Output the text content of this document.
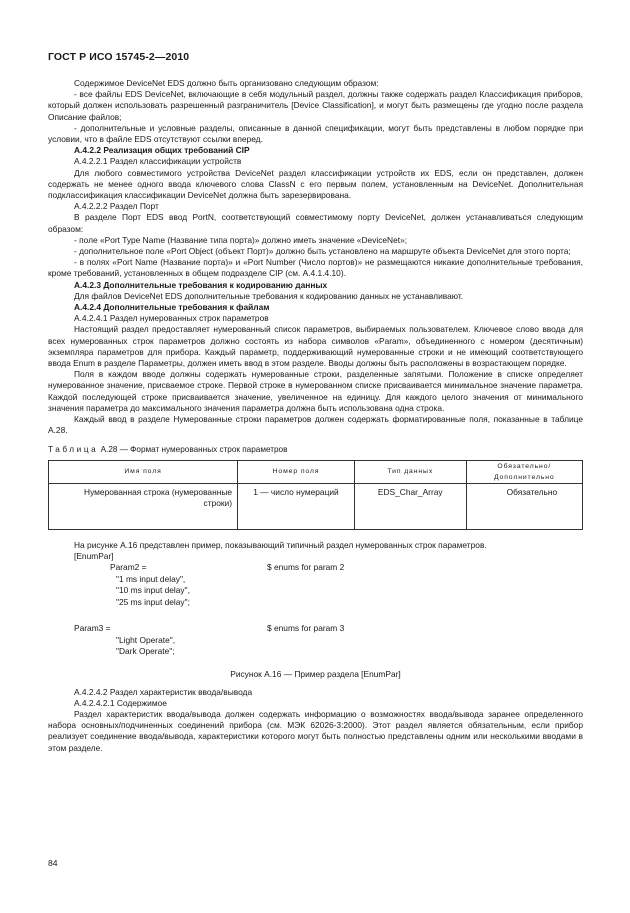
ГОСТ Р ИСО 15745-2—2010

Содержимое DeviceNet EDS должно быть организовано следующим образом:

- все файлы EDS DeviceNet, включающие в себя модульный раздел, должны также содержать раздел Классификация приборов, который должен использовать разрешенный разграничитель [Device Classification], и могут быть размещены где угодно после раздела Описание файлов;

- дополнительные и условные разделы, описанные в данной спецификации, могут быть представлены в любом порядке при условии, что в файле EDS отсутствуют ссылки вперед.

А.4.2.2 Реализация общих требований CIP

А.4.2.2.1 Раздел классификации устройств

Для любого совместимого устройства DeviceNet раздел классификации устройств их EDS, если он представлен, должен содержать не менее одного ввода ключевого слова ClassN с его первым полем, установленным на DeviceNet. Дополнительная подклассификация классификации DeviceNet должна быть зарезервирована.

А.4.2.2.2 Раздел Порт

В разделе Порт EDS ввод PortN, соответствующий совместимому порту DeviceNet, должен устанавливаться следующим образом:

- поле «Port Type Name (Название типа порта)» должно иметь значение «DeviceNet»;

- дополнительное поле «Port Object (объект Порт)» должно быть установлено на маршруте объекта DeviceNet для этого порта;

- в полях «Port Name (Название порта)» и «Port Number (Число портов)» не размещаются никакие дополнительные требования, кроме требований, установленных в общем подразделе CIP (см. А.4.1.4.10).

А.4.2.3 Дополнительные требования к кодированию данных

Для файлов DeviceNet EDS дополнительные требования к кодированию данных не устанавливают.

А.4.2.4 Дополнительные требования к файлам

А.4.2.4.1 Раздел нумерованных строк параметров

Настоящий раздел предоставляет нумерованный список параметров, выбираемых пользователем. Ключевое слово ввода для всех нумерованных строк параметров должно состоять из набора символов «Param», объединенного с номером (десятичным) экземпляра параметров для прибора. Каждый параметр, поддерживающий нумерованные строки и не имеющий соответствующего ввода Enum в разделе Параметры, должен иметь ввод в этом разделе. Вводы должны быть расположены в возрастающем порядке.

Поля в каждом вводе должны содержать нумерованные строки, разделенные запятыми. Положение в списке определяет нумерованное значение, присваемое строке. Первой строке в нумерованном списке присваивается минимальное значение параметра. Каждой последующей строке присваивается значение, увеличенное на единицу. Для каждого целого значения от минимального значения параметра до максимального значения параметра должна быть использована одна строка.

Каждый ввод в разделе Нумерованные строки параметров должен содержать форматированные поля, показанные в таблице А.28.

Таблица А.28 — Формат нумерованных строк параметров

Имя поля	Номер поля	Тип данных	Обязательно/Дополнительно
Нумерованная строка (нумерованные строки)	1 — число нумераций	EDS_Char_Array	Обязательно

На рисунке А.16 представлен пример, показывающий типичный раздел нумерованных строк параметров.

[EnumPar]
Param2 =	$ enums for param 2
"1 ms input delay",
"10 ms input delay",
"25 ms input delay";
Param3 =	$ enums for param 3
"Light Operate",
"Dark Operate";

Рисунок А.16 — Пример раздела [EnumPar]

А.4.2.4.2 Раздел характеристик ввода/вывода

А.4.2.4.2.1 Содержимое

Раздел характеристик ввода/вывода должен содержать информацию о возможностях ввода/вывода заранее определенного набора основных/подчиненных соединений прибора (см. МЭК 62026-3:2000). Этот раздел является обязательным, если прибор реализует соединение ввода/вывода, характеристики которого могут быть полностью представлены одним или несколькими вводами в этом разделе.

84
